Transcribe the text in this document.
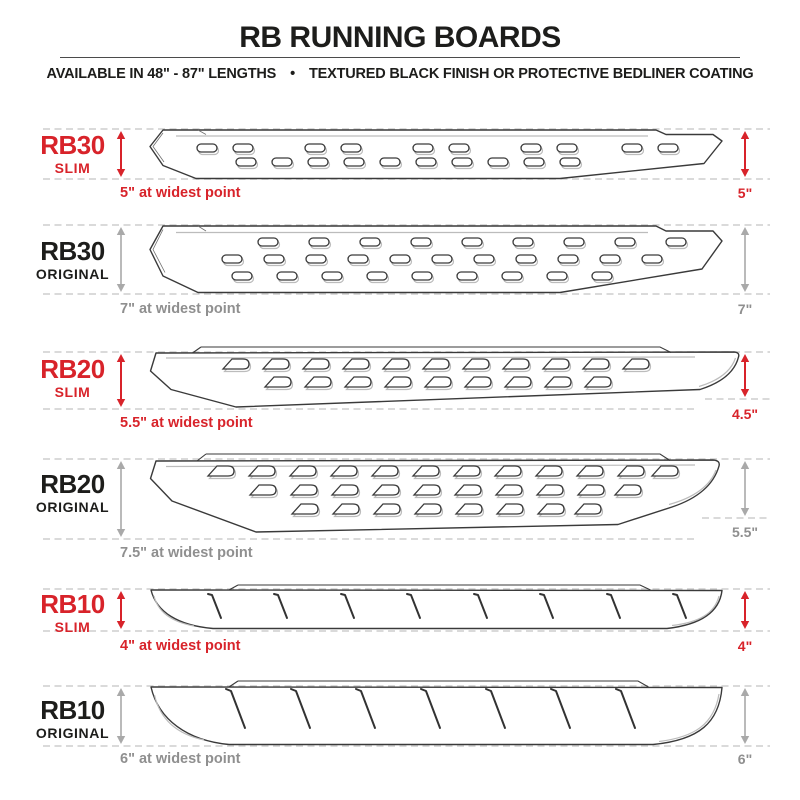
RB RUNNING BOARDS
AVAILABLE IN 48" - 87" LENGTHS • TEXTURED BLACK FINISH OR PROTECTIVE BEDLINER COATING
RB30
SLIM
RB30
ORIGINAL
RB20
SLIM
RB20
ORIGINAL
RB10
SLIM
RB10
ORIGINAL
5" at widest point
7" at widest point
5.5" at widest point
7.5" at widest point
4" at widest point
6" at widest point
5"
7"
4.5"
5.5"
4"
6"
